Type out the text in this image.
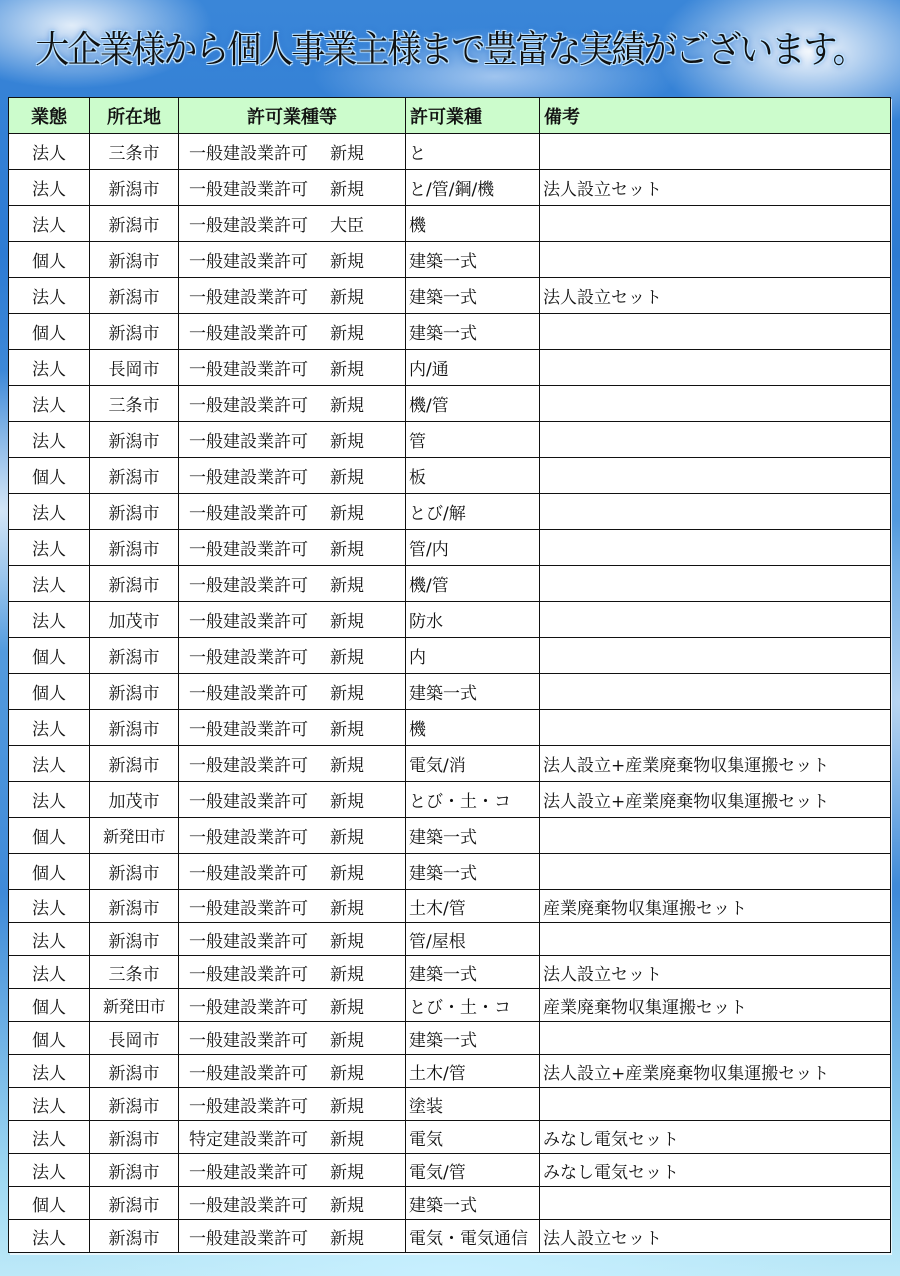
大企業様から個人事業主様まで豊富な実績がございます。
業態	所在地	許可業種等	許可業種	備考
法人	三条市	一般建設業許可 新規	と	
法人	新潟市	一般建設業許可 新規	と/管/鋼/機	法人設立セット
法人	新潟市	一般建設業許可 大臣	機	
個人	新潟市	一般建設業許可 新規	建築一式	
法人	新潟市	一般建設業許可 新規	建築一式	法人設立セット
個人	新潟市	一般建設業許可 新規	建築一式	
法人	長岡市	一般建設業許可 新規	内/通	
法人	三条市	一般建設業許可 新規	機/管	
法人	新潟市	一般建設業許可 新規	管	
個人	新潟市	一般建設業許可 新規	板	
法人	新潟市	一般建設業許可 新規	とび/解	
法人	新潟市	一般建設業許可 新規	管/内	
法人	新潟市	一般建設業許可 新規	機/管	
法人	加茂市	一般建設業許可 新規	防水	
個人	新潟市	一般建設業許可 新規	内	
個人	新潟市	一般建設業許可 新規	建築一式	
法人	新潟市	一般建設業許可 新規	機	
法人	新潟市	一般建設業許可 新規	電気/消	法人設立+産業廃棄物収集運搬セット
法人	加茂市	一般建設業許可 新規	とび・土・コ	法人設立+産業廃棄物収集運搬セット
個人	新発田市	一般建設業許可 新規	建築一式	
個人	新潟市	一般建設業許可 新規	建築一式	
法人	新潟市	一般建設業許可 新規	土木/管	産業廃棄物収集運搬セット
法人	新潟市	一般建設業許可 新規	管/屋根	
法人	三条市	一般建設業許可 新規	建築一式	法人設立セット
個人	新発田市	一般建設業許可 新規	とび・土・コ	産業廃棄物収集運搬セット
個人	長岡市	一般建設業許可 新規	建築一式	
法人	新潟市	一般建設業許可 新規	土木/管	法人設立+産業廃棄物収集運搬セット
法人	新潟市	一般建設業許可 新規	塗装	
法人	新潟市	特定建設業許可 新規	電気	みなし電気セット
法人	新潟市	一般建設業許可 新規	電気/管	みなし電気セット
個人	新潟市	一般建設業許可 新規	建築一式	
法人	新潟市	一般建設業許可 新規	電気・電気通信	法人設立セット
